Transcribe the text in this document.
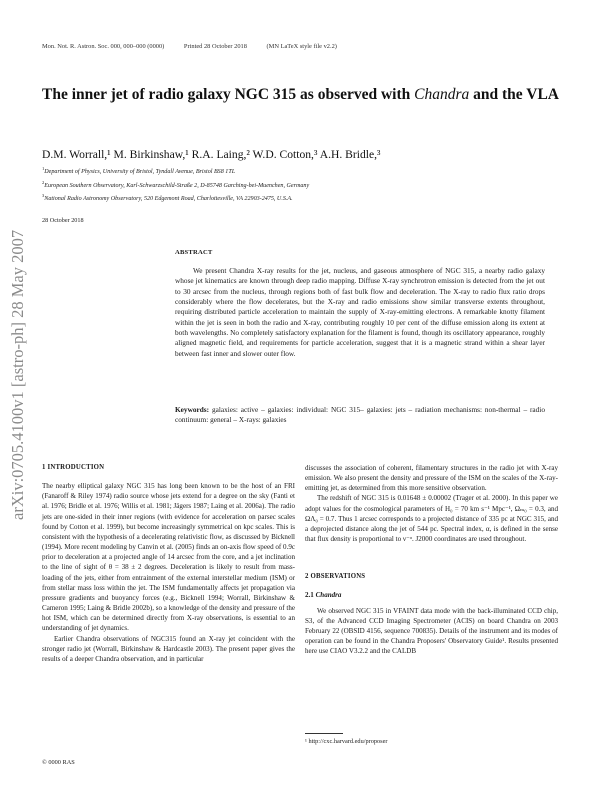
Mon. Not. R. Astron. Soc. 000, 000–000 (0000)	Printed 28 October 2018	(MN LaTeX style file v2.2)
arXiv:0705.4100v1 [astro-ph] 28 May 2007
The inner jet of radio galaxy NGC 315 as observed with Chandra and the VLA
D.M. Worrall,¹ M. Birkinshaw,¹ R.A. Laing,² W.D. Cotton,³ A.H. Bridle,³
$^1$Department of Physics, University of Bristol, Tyndall Avenue, Bristol BS8 1TL
$^2$European Southern Observatory, Karl-Schwarzschild-Straße 2, D-85748 Garching-bei-Muenchen, Germany
$^3$National Radio Astronomy Observatory, 520 Edgemont Road, Charlottesville, VA 22903-2475, U.S.A.
28 October 2018
ABSTRACT
We present Chandra X-ray results for the jet, nucleus, and gaseous atmosphere of NGC 315, a nearby radio galaxy whose jet kinematics are known through deep radio mapping. Diffuse X-ray synchrotron emission is detected from the jet out to 30 arcsec from the nucleus, through regions both of fast bulk flow and deceleration. The X-ray to radio flux ratio drops considerably where the flow decelerates, but the X-ray and radio emissions show similar transverse extents throughout, requiring distributed particle acceleration to maintain the supply of X-ray-emitting electrons. A remarkable knotty filament within the jet is seen in both the radio and X-ray, contributing roughly 10 per cent of the diffuse emission along its extent at both wavelengths. No completely satisfactory explanation for the filament is found, though its oscillatory appearance, roughly aligned magnetic field, and requirements for particle acceleration, suggest that it is a magnetic strand within a shear layer between fast inner and slower outer flow.
Keywords: galaxies: active – galaxies: individual: NGC 315– galaxies: jets – radiation mechanisms: non-thermal – radio continuum: general – X-rays: galaxies
1 INTRODUCTION

The nearby elliptical galaxy NGC 315 has long been known to be the host of an FRI (Fanaroff & Riley 1974) radio source whose jets extend for a degree on the sky (Fanti et al. 1976; Bridle et al. 1976; Willis et al. 1981; Jägers 1987; Laing et al. 2006a). The radio jets are one-sided in their inner regions (with evidence for acceleration on parsec scales found by Cotton et al. 1999), but become increasingly symmetrical on kpc scales. This is consistent with the hypothesis of a decelerating relativistic flow, as discussed by Bicknell (1994). More recent modeling by Canvin et al. (2005) finds an on-axis flow speed of 0.9c prior to deceleration at a projected angle of 14 arcsec from the core, and a jet inclination to the line of sight of θ = 38 ± 2 degrees. Deceleration is likely to result from mass-loading of the jets, either from entrainment of the external interstellar medium (ISM) or from stellar mass loss within the jet. The ISM fundamentally affects jet propagation via pressure gradients and buoyancy forces (e.g., Bicknell 1994; Worrall, Birkinshaw & Cameron 1995; Laing & Bridle 2002b), so a knowledge of the density and pressure of the hot ISM, which can be determined directly from X-ray observations, is essential to an understanding of jet dynamics.

Earlier Chandra observations of NGC315 found an X-ray jet coincident with the stronger radio jet (Worrall, Birkinshaw & Hardcastle 2003). The present paper gives the results of a deeper Chandra observation, and in particular

discusses the association of coherent, filamentary structures in the radio jet with X-ray emission. We also present the density and pressure of the ISM on the scales of the X-ray-emitting jet, as determined from this more sensitive observation.

The redshift of NGC 315 is 0.01648 ± 0.00002 (Trager et al. 2000). In this paper we adopt values for the cosmological parameters of H₀ = 70 km s⁻¹ Mpc⁻¹, Ωₘ₀ = 0.3, and ΩΛ₀ = 0.7. Thus 1 arcsec corresponds to a projected distance of 335 pc at NGC 315, and a deprojected distance along the jet of 544 pc. Spectral index, α, is defined in the sense that flux density is proportional to ν⁻ᵅ. J2000 coordinates are used throughout.

2 OBSERVATIONS
2.1 Chandra

We observed NGC 315 in VFAINT data mode with the back-illuminated CCD chip, S3, of the Advanced CCD Imaging Spectrometer (ACIS) on board Chandra on 2003 February 22 (OBSID 4156, sequence 700835). Details of the instrument and its modes of operation can be found in the Chandra Proposers' Observatory Guide¹. Results presented here use CIAO V3.2.2 and the CALDB

¹ http://cxc.harvard.edu/proposer
© 0000 RAS
